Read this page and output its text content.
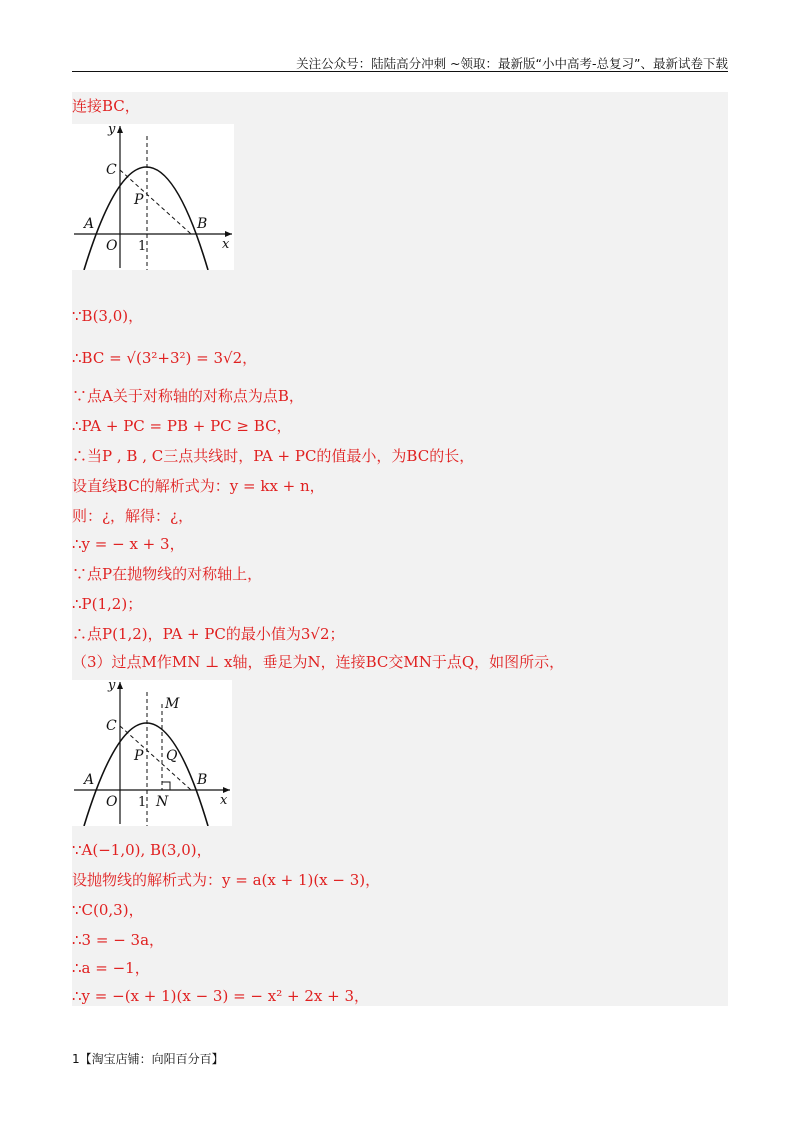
关注公众号：陆陆高分冲刺 ~领取：最新版“小中高考-总复习”、最新试卷下载
连接BC，
y
x
C
P
A	B
O 1
∵B(3,0)，
∴BC = √(3²+3²) = 3√2，
∵点A关于对称轴的对称点为点B，
∴PA + PC = PB + PC ≥ BC，
∴当P , B , C三点共线时，PA + PC的值最小，为BC的长，
设直线BC的解析式为：y = kx + n，
则：¿，解得：¿，
∴y = − x + 3，
∵点P在抛物线的对称轴上，
∴P(1,2)；
∴点P(1,2)，PA + PC的最小值为3√2；
（3）过点M作MN ⊥ x轴，垂足为N，连接BC交MN于点Q，如图所示，
y
x
C
P
A	B
O 1
M
Q
N
∵A(−1,0), B(3,0)，
设抛物线的解析式为：y = a(x + 1)(x − 3)，
∵C(0,3)，
∴3 = − 3a，
∴a = −1，
∴y = −(x + 1)(x − 3) = − x² + 2x + 3，
1【淘宝店铺：向阳百分百】
